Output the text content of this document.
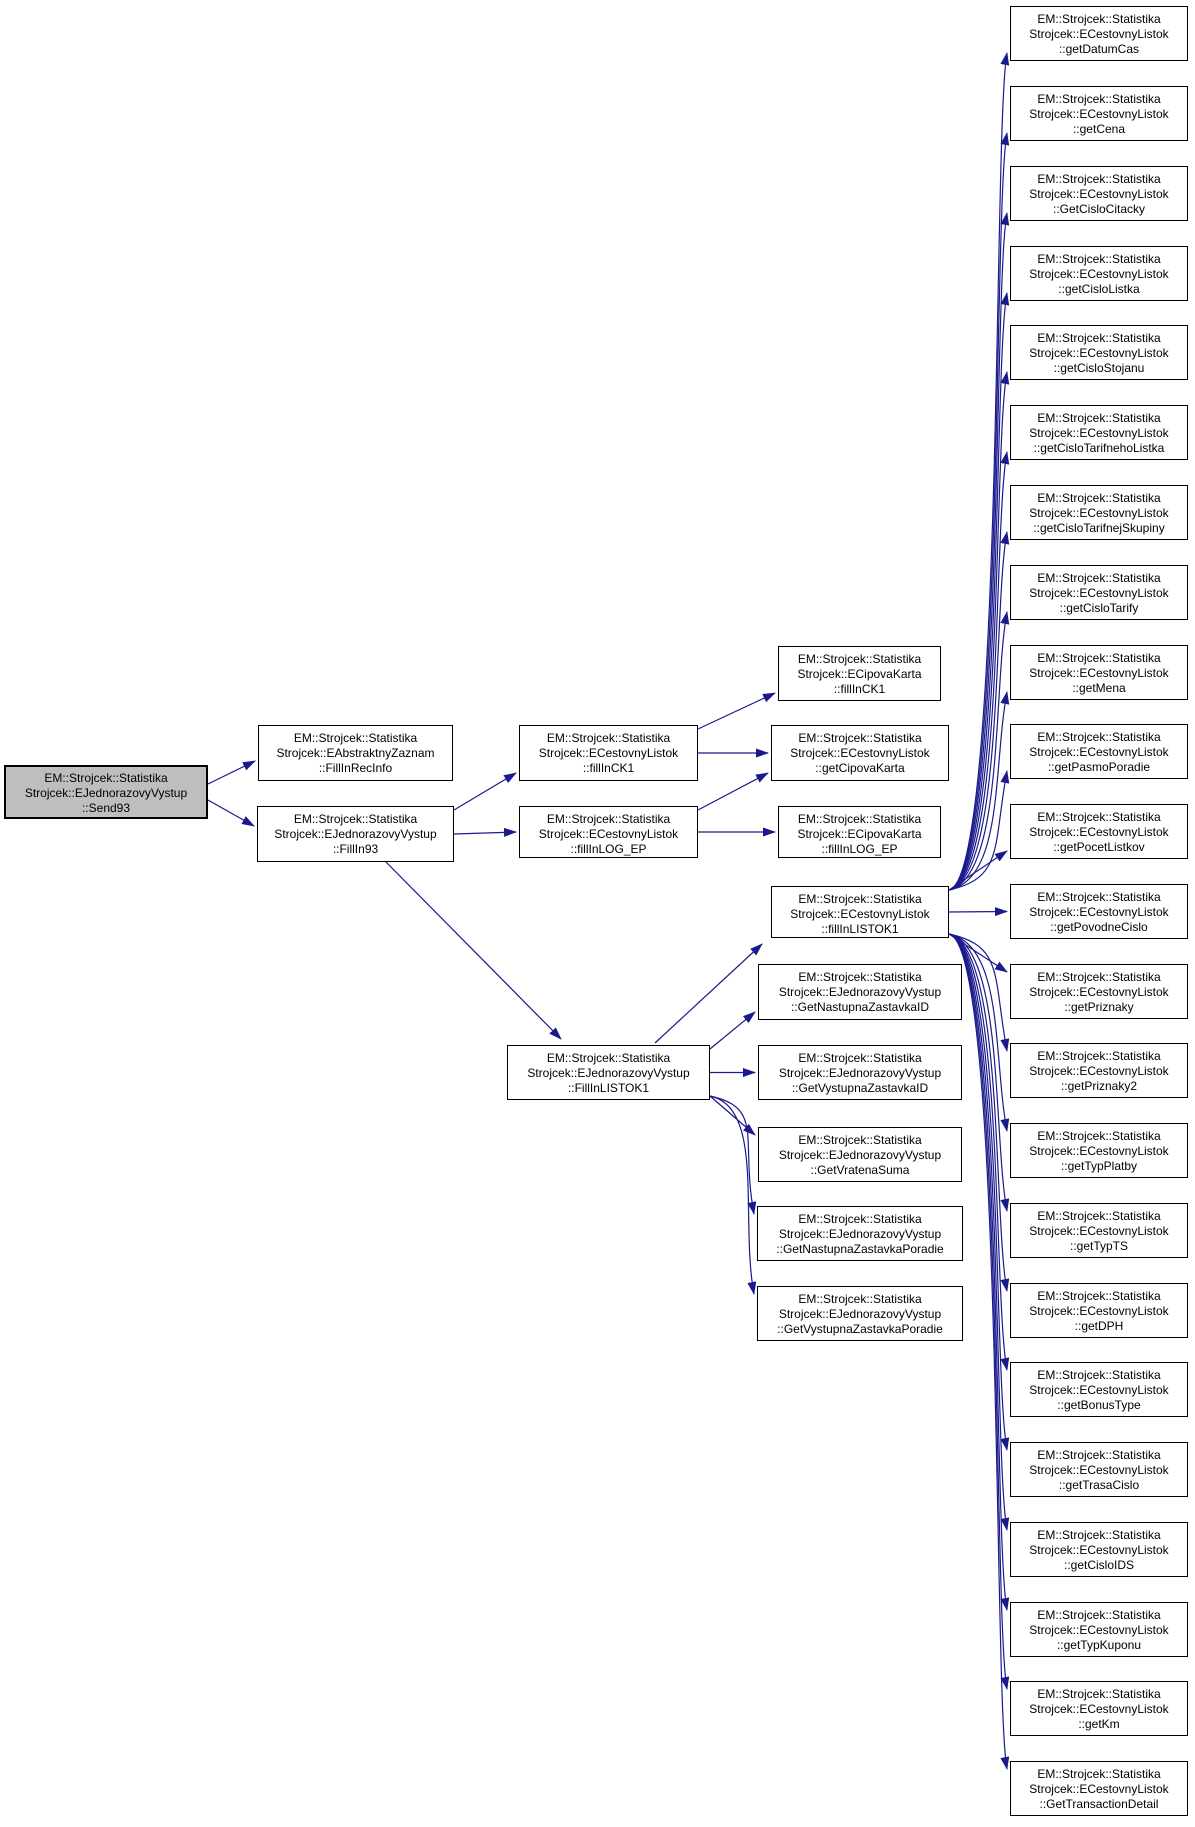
EM::Strojcek::Statistika
Strojcek::EJednorazovyVystup
::Send93
EM::Strojcek::Statistika
Strojcek::EAbstraktnyZaznam
::FillInRecInfo
EM::Strojcek::Statistika
Strojcek::EJednorazovyVystup
::FillIn93
EM::Strojcek::Statistika
Strojcek::ECestovnyListok
::fillInCK1
EM::Strojcek::Statistika
Strojcek::ECestovnyListok
::fillInLOG_EP
EM::Strojcek::Statistika
Strojcek::ECipovaKarta
::fillInCK1
EM::Strojcek::Statistika
Strojcek::ECestovnyListok
::getCipovaKarta
EM::Strojcek::Statistika
Strojcek::ECipovaKarta
::fillInLOG_EP
EM::Strojcek::Statistika
Strojcek::ECestovnyListok
::fillInLISTOK1
EM::Strojcek::Statistika
Strojcek::EJednorazovyVystup
::FillInLISTOK1
EM::Strojcek::Statistika
Strojcek::EJednorazovyVystup
::GetNastupnaZastavkaID
EM::Strojcek::Statistika
Strojcek::EJednorazovyVystup
::GetVystupnaZastavkaID
EM::Strojcek::Statistika
Strojcek::EJednorazovyVystup
::GetVratenaSuma
EM::Strojcek::Statistika
Strojcek::EJednorazovyVystup
::GetNastupnaZastavkaPoradie
EM::Strojcek::Statistika
Strojcek::EJednorazovyVystup
::GetVystupnaZastavkaPoradie
EM::Strojcek::Statistika
Strojcek::ECestovnyListok
::getDatumCas
EM::Strojcek::Statistika
Strojcek::ECestovnyListok
::getCena
EM::Strojcek::Statistika
Strojcek::ECestovnyListok
::GetCisloCitacky
EM::Strojcek::Statistika
Strojcek::ECestovnyListok
::getCisloListka
EM::Strojcek::Statistika
Strojcek::ECestovnyListok
::getCisloStojanu
EM::Strojcek::Statistika
Strojcek::ECestovnyListok
::getCisloTarifnehoListka
EM::Strojcek::Statistika
Strojcek::ECestovnyListok
::getCisloTarifnejSkupiny
EM::Strojcek::Statistika
Strojcek::ECestovnyListok
::getCisloTarify
EM::Strojcek::Statistika
Strojcek::ECestovnyListok
::getMena
EM::Strojcek::Statistika
Strojcek::ECestovnyListok
::getPasmoPoradie
EM::Strojcek::Statistika
Strojcek::ECestovnyListok
::getPocetListkov
EM::Strojcek::Statistika
Strojcek::ECestovnyListok
::getPovodneCislo
EM::Strojcek::Statistika
Strojcek::ECestovnyListok
::getPriznaky
EM::Strojcek::Statistika
Strojcek::ECestovnyListok
::getPriznaky2
EM::Strojcek::Statistika
Strojcek::ECestovnyListok
::getTypPlatby
EM::Strojcek::Statistika
Strojcek::ECestovnyListok
::getTypTS
EM::Strojcek::Statistika
Strojcek::ECestovnyListok
::getDPH
EM::Strojcek::Statistika
Strojcek::ECestovnyListok
::getBonusType
EM::Strojcek::Statistika
Strojcek::ECestovnyListok
::getTrasaCislo
EM::Strojcek::Statistika
Strojcek::ECestovnyListok
::getCisloIDS
EM::Strojcek::Statistika
Strojcek::ECestovnyListok
::getTypKuponu
EM::Strojcek::Statistika
Strojcek::ECestovnyListok
::getKm
EM::Strojcek::Statistika
Strojcek::ECestovnyListok
::GetTransactionDetail
